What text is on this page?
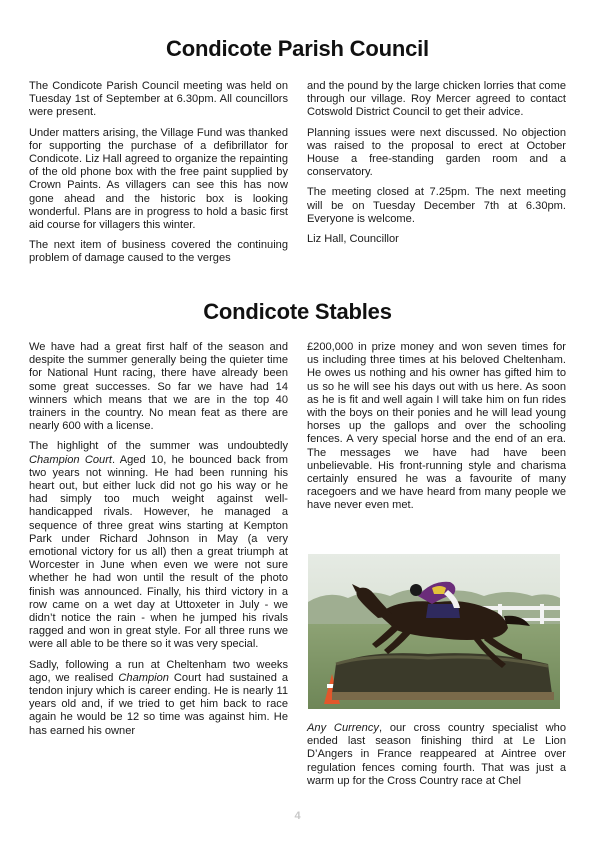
Condicote Parish Council

The Condicote Parish Council meeting was held on Tuesday 1st of September at 6.30pm. All councillors were present.

Under matters arising, the Village Fund was thanked for supporting the purchase of a defibrillator for Condicote. Liz Hall agreed to organize the repainting of the old phone box with the free paint supplied by Crown Paints. As villagers can see this has now gone ahead and the historic box is looking wonderful. Plans are in progress to hold a basic first aid course for villagers this winter.

The next item of business covered the continuing problem of damage caused to the verges

and the pound by the large chicken lorries that come through our village. Roy Mercer agreed to contact Cotswold District Council to get their advice.

Planning issues were next discussed. No objection was raised to the proposal to erect at October House a free-standing garden room and a conservatory.

The meeting closed at 7.25pm. The next meeting will be on Tuesday December 7th at 6.30pm. Everyone is welcome.

Liz Hall, Councillor

Condicote Stables

We have had a great first half of the season and despite the summer generally being the quieter time for National Hunt racing, there have already been some great successes. So far we have had 14 winners which means that we are in the top 40 trainers in the country. No mean feat as there are nearly 600 with a license.

The highlight of the summer was undoubtedly Champion Court. Aged 10, he bounced back from two years not winning. He had been running his heart out, but either luck did not go his way or he had simply too much weight against well-handicapped rivals. However, he managed a sequence of three great wins starting at Kempton Park under Richard Johnson in May (a very emotional victory for us all) then a great triumph at Worcester in June when even we were not sure whether he had won until the result of the photo finish was announced. Finally, his third victory in a row came on a wet day at Uttoxeter in July - we didn’t notice the rain - when he jumped his rivals ragged and won in great style. For all three runs we were all able to be there so it was very special.

Sadly, following a run at Cheltenham two weeks ago, we realised Champion Court had sustained a tendon injury which is career ending. He is nearly 11 years old and, if we tried to get him back to race again he would be 12 so time was against him. He has earned his owner

£200,000 in prize money and won seven times for us including three times at his beloved Cheltenham. He owes us nothing and his owner has gifted him to us so he will see his days out with us here. As soon as he is fit and well again I will take him on fun rides with the boys on their ponies and he will lead young horses up the gallops and over the schooling fences. A very special horse and the end of an era. The messages we have had have been unbelievable. His front-running style and charisma certainly ensured he was a favourite of many racegoers and we have heard from many people we have never even met.

Any Currency, our cross country specialist who ended last season finishing third at Le Lion D’Angers in France reappeared at Aintree over regulation fences coming fourth. That was just a warm up for the Cross Country race at Chel

4
